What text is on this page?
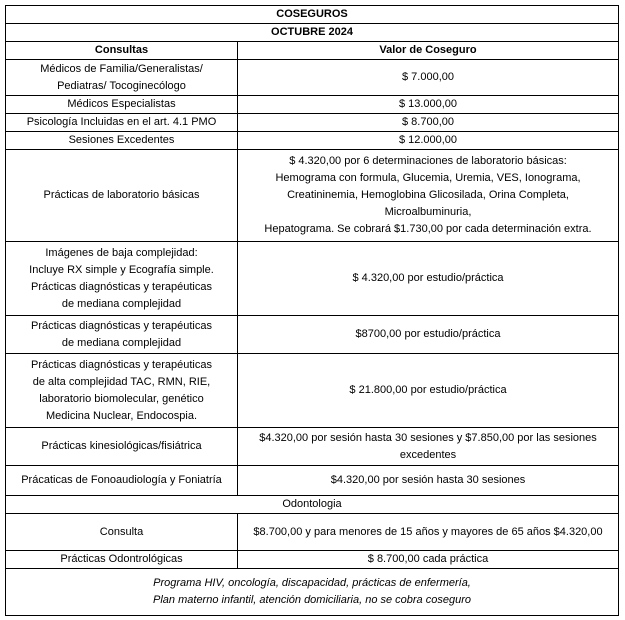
COSEGUROS	
OCTUBRE 2024	
Consultas	Valor de Coseguro

Médicos de Familia/Generalistas/
Pediatras/ Tocoginecólogo	$ 7.000,00

Médicos Especialistas	$ 13.000,00

Psicología Incluidas en el art. 4.1 PMO	$ 8.700,00

Sesiones Excedentes	$ 12.000,00

Prácticas de laboratorio básicas	$ 4.320,00 por 6 determinaciones de laboratorio básicas:
Hemograma con formula, Glucemia, Uremia, VES, Ionograma,
Creatininemia, Hemoglobina Glicosilada, Orina Completa,
Microalbuminuria,
Hepatograma. Se cobrará $1.730,00 por cada determinación extra.

Imágenes de baja complejidad:
Incluye RX simple y Ecografía simple.
Prácticas diagnósticas y terapéuticas
de mediana complejidad	$ 4.320,00 por estudio/práctica

Prácticas diagnósticas y terapéuticas
de mediana complejidad	$8700,00 por estudio/práctica

Prácticas diagnósticas y terapéuticas
de alta complejidad TAC, RMN, RIE,
laboratorio biomolecular, genético
Medicina Nuclear, Endocospia.	$ 21.800,00 por estudio/práctica

Prácticas kinesiológicas/fisiátrica	$4.320,00 por sesión hasta 30 sesiones y $7.850,00 por las sesiones
excedentes

Prácaticas de Fonoaudiología y Foniatría	$4.320,00 por sesión hasta 30 sesiones

Odontologia	

Consulta	$8.700,00 y para menores de 15 años y mayores de 65 años $4.320,00

Prácticas Odontrológicas	$ 8.700,00 cada práctica

Programa HIV, oncología, discapacidad, prácticas de enfermería,
Plan materno infantil, atención domiciliaria, no se cobra coseguro	
